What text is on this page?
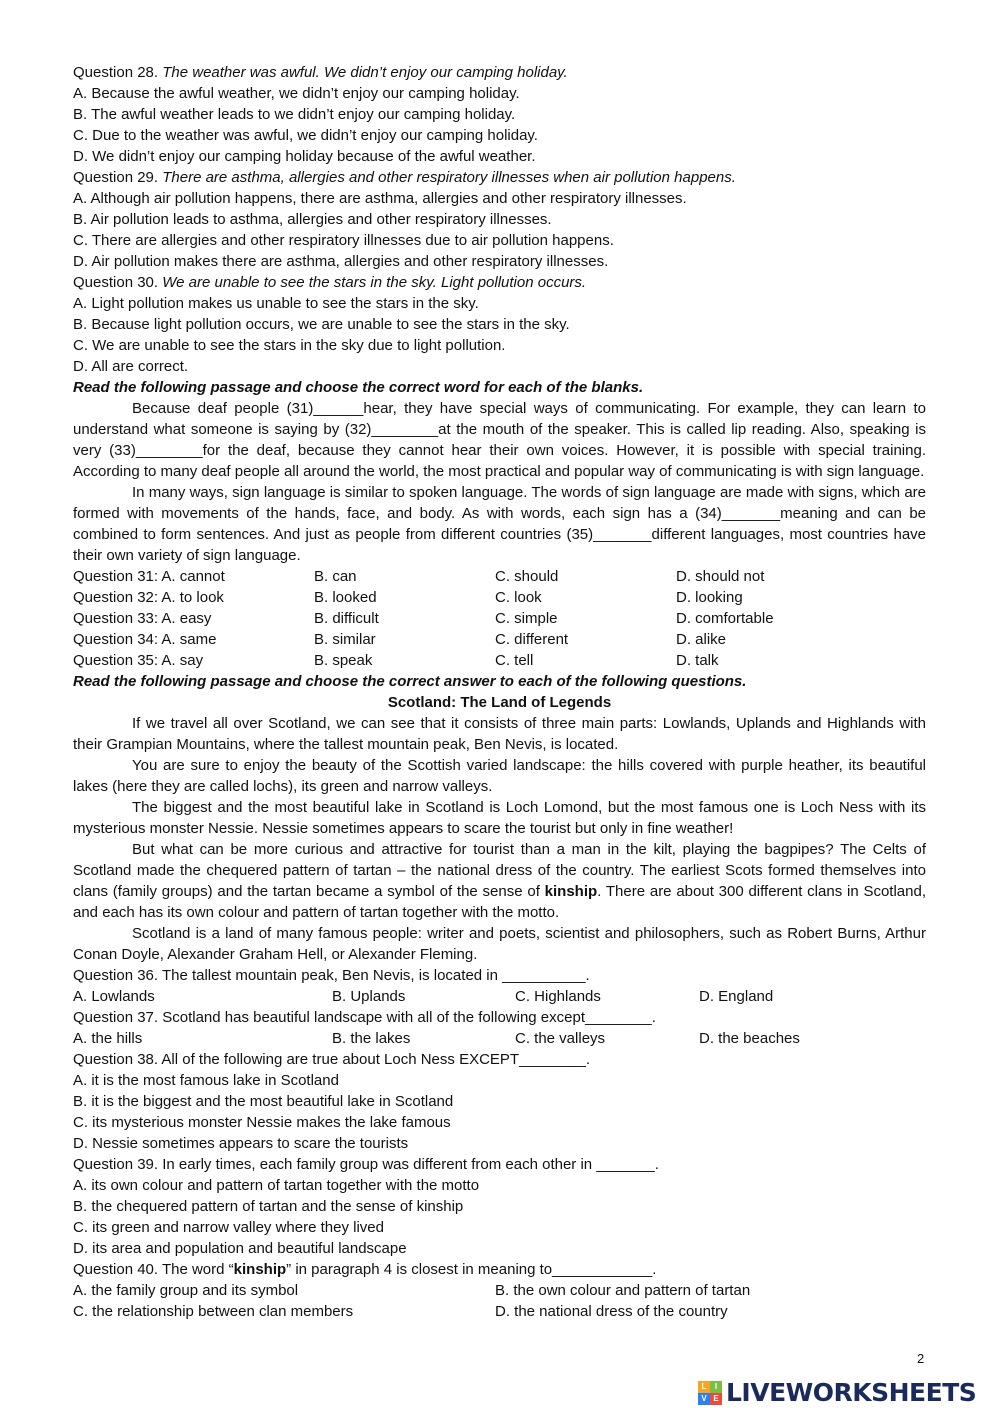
Question 28. The weather was awful. We didn’t enjoy our camping holiday.
A. Because the awful weather, we didn’t enjoy our camping holiday.
B. The awful weather leads to we didn’t enjoy our camping holiday.
C. Due to the weather was awful, we didn’t enjoy our camping holiday.
D. We didn’t enjoy our camping holiday because of the awful weather.
Question 29. There are asthma, allergies and other respiratory illnesses when air pollution happens.
A. Although air pollution happens, there are asthma, allergies and other respiratory illnesses.
B. Air pollution leads to asthma, allergies and other respiratory illnesses.
C. There are allergies and other respiratory illnesses due to air pollution happens.
D. Air pollution makes there are asthma, allergies and other respiratory illnesses.
Question 30. We are unable to see the stars in the sky. Light pollution occurs.
A. Light pollution makes us unable to see the stars in the sky.
B. Because light pollution occurs, we are unable to see the stars in the sky.
C. We are unable to see the stars in the sky due to light pollution.
D. All are correct.
Read the following passage and choose the correct word for each of the blanks.

Because deaf people (31)______hear, they have special ways of communicating. For example, they can learn to understand what someone is saying by (32)________at the mouth of the speaker. This is called lip reading. Also, speaking is very (33)________for the deaf, because they cannot hear their own voices. However, it is possible with special training. According to many deaf people all around the world, the most practical and popular way of communicating is with sign language.

In many ways, sign language is similar to spoken language. The words of sign language are made with signs, which are formed with movements of the hands, face, and body. As with words, each sign has a (34)_______meaning and can be combined to form sentences. And just as people from different countries (35)_______different languages, most countries have their own variety of sign language.

Question 31: A. cannot	B. can	C. should	D. should not
Question 32: A. to look	B. looked	C. look	D. looking
Question 33: A. easy	B. difficult	C. simple	D. comfortable
Question 34: A. same	B. similar	C. different	D. alike
Question 35: A. say	B. speak	C. tell	D. talk
Read the following passage and choose the correct answer to each of the following questions.
Scotland: The Land of Legends

If we travel all over Scotland, we can see that it consists of three main parts: Lowlands, Uplands and Highlands with their Grampian Mountains, where the tallest mountain peak, Ben Nevis, is located.

You are sure to enjoy the beauty of the Scottish varied landscape: the hills covered with purple heather, its beautiful lakes (here they are called lochs), its green and narrow valleys.

The biggest and the most beautiful lake in Scotland is Loch Lomond, but the most famous one is Loch Ness with its mysterious monster Nessie. Nessie sometimes appears to scare the tourist but only in fine weather!

But what can be more curious and attractive for tourist than a man in the kilt, playing the bagpipes? The Celts of Scotland made the chequered pattern of tartan – the national dress of the country. The earliest Scots formed themselves into clans (family groups) and the tartan became a symbol of the sense of kinship. There are about 300 different clans in Scotland, and each has its own colour and pattern of tartan together with the motto.

Scotland is a land of many famous people: writer and poets, scientist and philosophers, such as Robert Burns, Arthur Conan Doyle, Alexander Graham Hell, or Alexander Fleming.

Question 36. The tallest mountain peak, Ben Nevis, is located in __________.
A. Lowlands	B. Uplands	C. Highlands	D. England
Question 37. Scotland has beautiful landscape with all of the following except________.
A. the hills	B. the lakes	C. the valleys	D. the beaches
Question 38. All of the following are true about Loch Ness EXCEPT________.
A. it is the most famous lake in Scotland
B. it is the biggest and the most beautiful lake in Scotland
C. its mysterious monster Nessie makes the lake famous
D. Nessie sometimes appears to scare the tourists
Question 39. In early times, each family group was different from each other in _______.
A. its own colour and pattern of tartan together with the motto
B. the chequered pattern of tartan and the sense of kinship
C. its green and narrow valley where they lived
D. its area and population and beautiful landscape
Question 40. The word “kinship” in paragraph 4 is closest in meaning to____________.
A. the family group and its symbol	B. the own colour and pattern of tartan
C. the relationship between clan members	D. the national dress of the country
2
L	I
V E LIVEWORKSHEETS
